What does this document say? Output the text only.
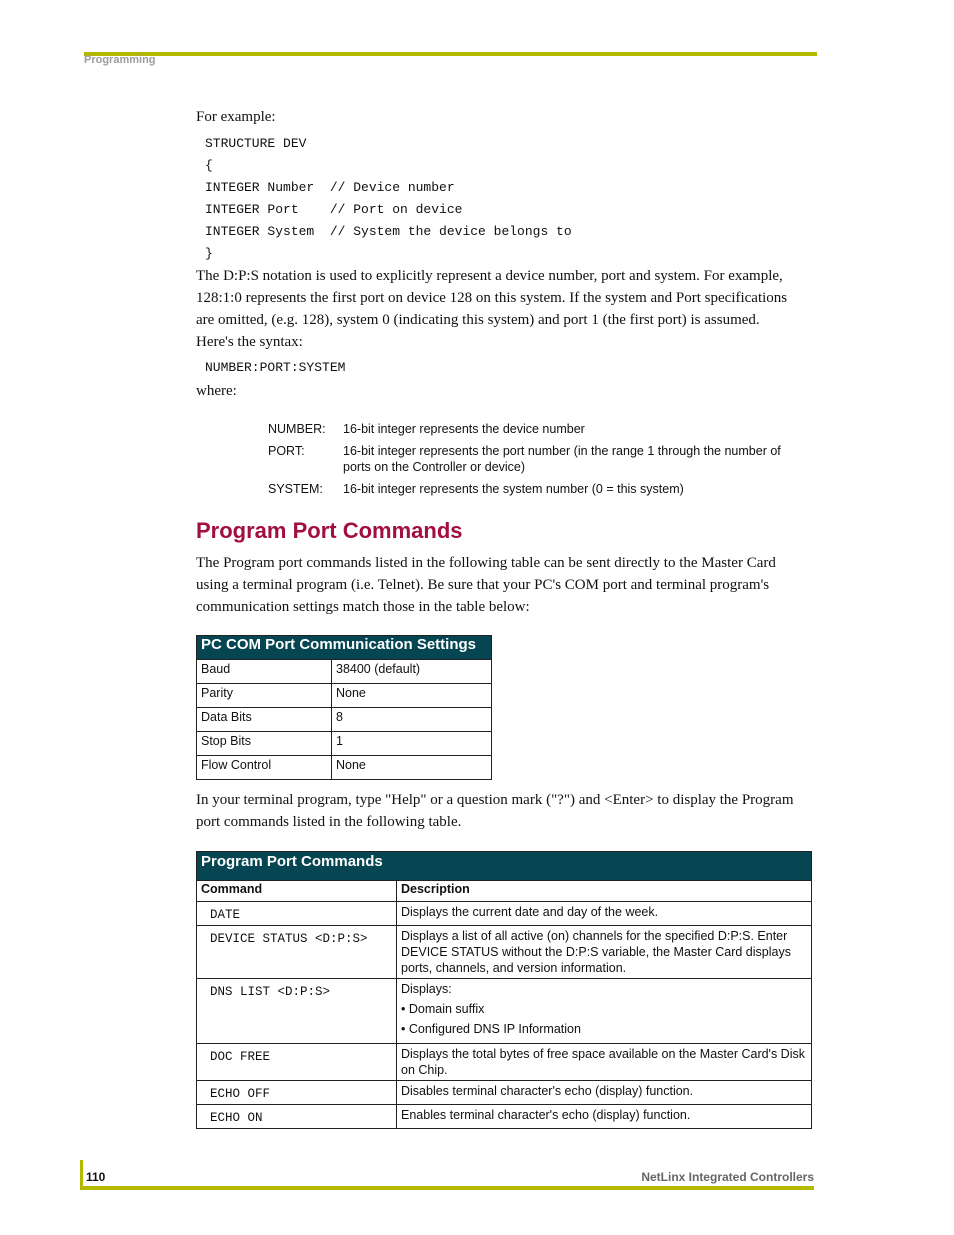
Programming
For example:
STRUCTURE DEV
{
INTEGER Number  // Device number
INTEGER Port    // Port on device
INTEGER System  // System the device belongs to
}
The D:P:S notation is used to explicitly represent a device number, port and system. For example,
128:1:0 represents the first port on device 128 on this system. If the system and Port specifications
are omitted, (e.g. 128), system 0 (indicating this system) and port 1 (the first port) is assumed.
Here's the syntax:
NUMBER:PORT:SYSTEM
where:
NUMBER: 16-bit integer represents the device number
PORT:	16-bit integer represents the port number (in the range 1 through the number of
ports on the Controller or device)
SYSTEM: 16-bit integer represents the system number (0 = this system)
Program Port Commands
The Program port commands listed in the following table can be sent directly to the Master Card
using a terminal program (i.e. Telnet). Be sure that your PC's COM port and terminal program's
communication settings match those in the table below:
PC COM Port Communication Settings	
Baud	38400 (default)
Parity	None
Data Bits	8
Stop Bits	1
Flow Control	None
In your terminal program, type "Help" or a question mark ("?") and <Enter> to display the Program
port commands listed in the following table.
Program Port Commands	
Command	Description
DATE	Displays the current date and day of the week.
DEVICE STATUS <D:P:S>	Displays a list of all active (on) channels for the specified D:P:S. Enter DEVICE STATUS without the D:P:S variable, the Master Card displays ports, channels, and version information.
DNS LIST <D:P:S>	Displays:
• Domain suffix
• Configured DNS IP Information

DOC FREE	Displays the total bytes of free space available on the Master Card's Disk on Chip.
ECHO OFF	Disables terminal character's echo (display) function.
ECHO ON	Enables terminal character's echo (display) function.
110	NetLinx Integrated Controllers
